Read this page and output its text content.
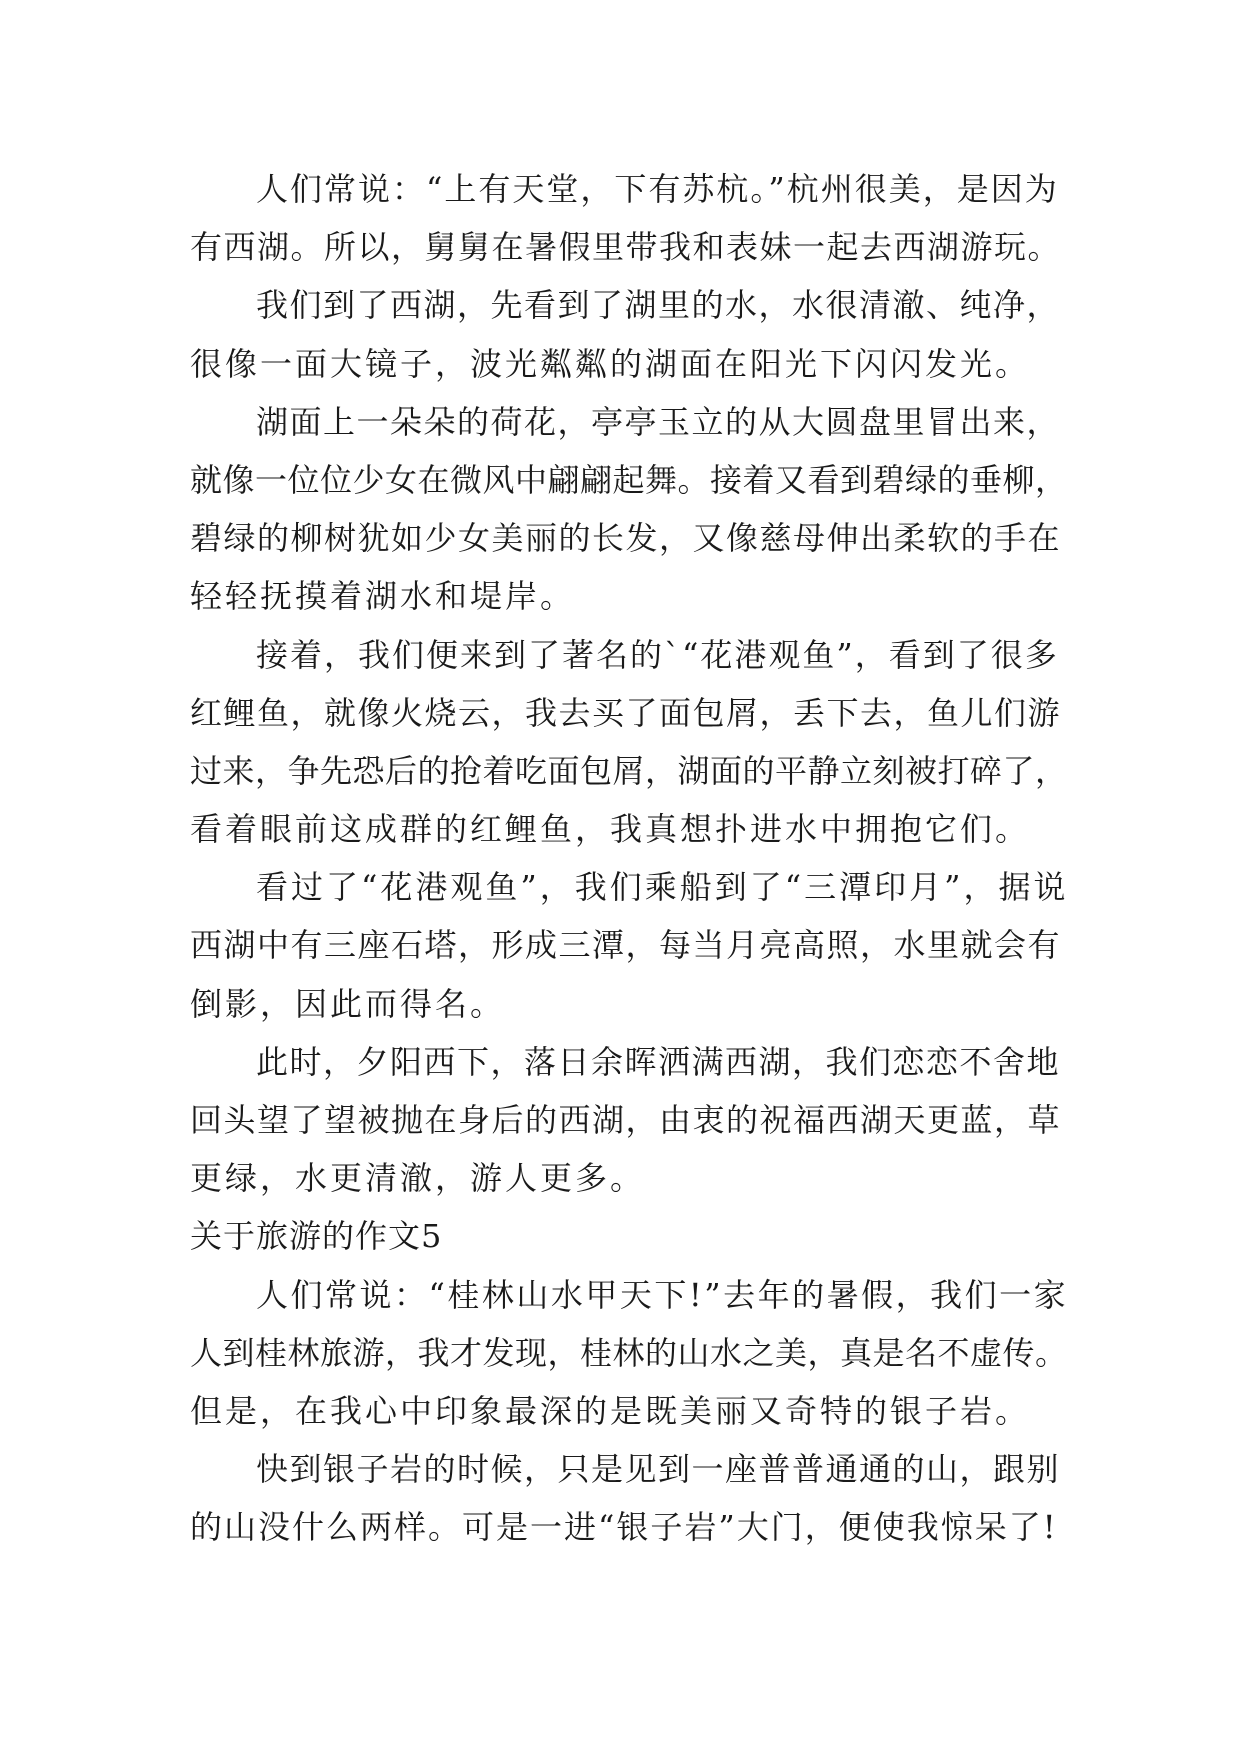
人们常说：“上有天堂，下有苏杭。”杭州很美，是因为
有西湖。所以，舅舅在暑假里带我和表妹一起去西湖游玩。
我们到了西湖，先看到了湖里的水，水很清澈、纯净，
很像一面大镜子，波光粼粼的湖面在阳光下闪闪发光。
湖面上一朵朵的荷花，亭亭玉立的从大圆盘里冒出来，
就像一位位少女在微风中翩翩起舞。接着又看到碧绿的垂柳，
碧绿的柳树犹如少女美丽的长发，又像慈母伸出柔软的手在
轻轻抚摸着湖水和堤岸。
接着，我们便来到了著名的`“花港观鱼”，看到了很多
红鲤鱼，就像火烧云，我去买了面包屑，丢下去，鱼儿们游
过来，争先恐后的抢着吃面包屑，湖面的平静立刻被打碎了，
看着眼前这成群的红鲤鱼，我真想扑进水中拥抱它们。
看过了“花港观鱼”，我们乘船到了“三潭印月”，据说
西湖中有三座石塔，形成三潭，每当月亮高照，水里就会有
倒影，因此而得名。
此时，夕阳西下，落日余晖洒满西湖，我们恋恋不舍地
回头望了望被抛在身后的西湖，由衷的祝福西湖天更蓝，草
更绿，水更清澈，游人更多。
关于旅游的作文5
人们常说：“桂林山水甲天下!”去年的暑假，我们一家
人到桂林旅游，我才发现，桂林的山水之美，真是名不虚传。
但是，在我心中印象最深的是既美丽又奇特的银子岩。
快到银子岩的时候，只是见到一座普普通通的山，跟别
的山没什么两样。可是一进“银子岩”大门，便使我惊呆了!
